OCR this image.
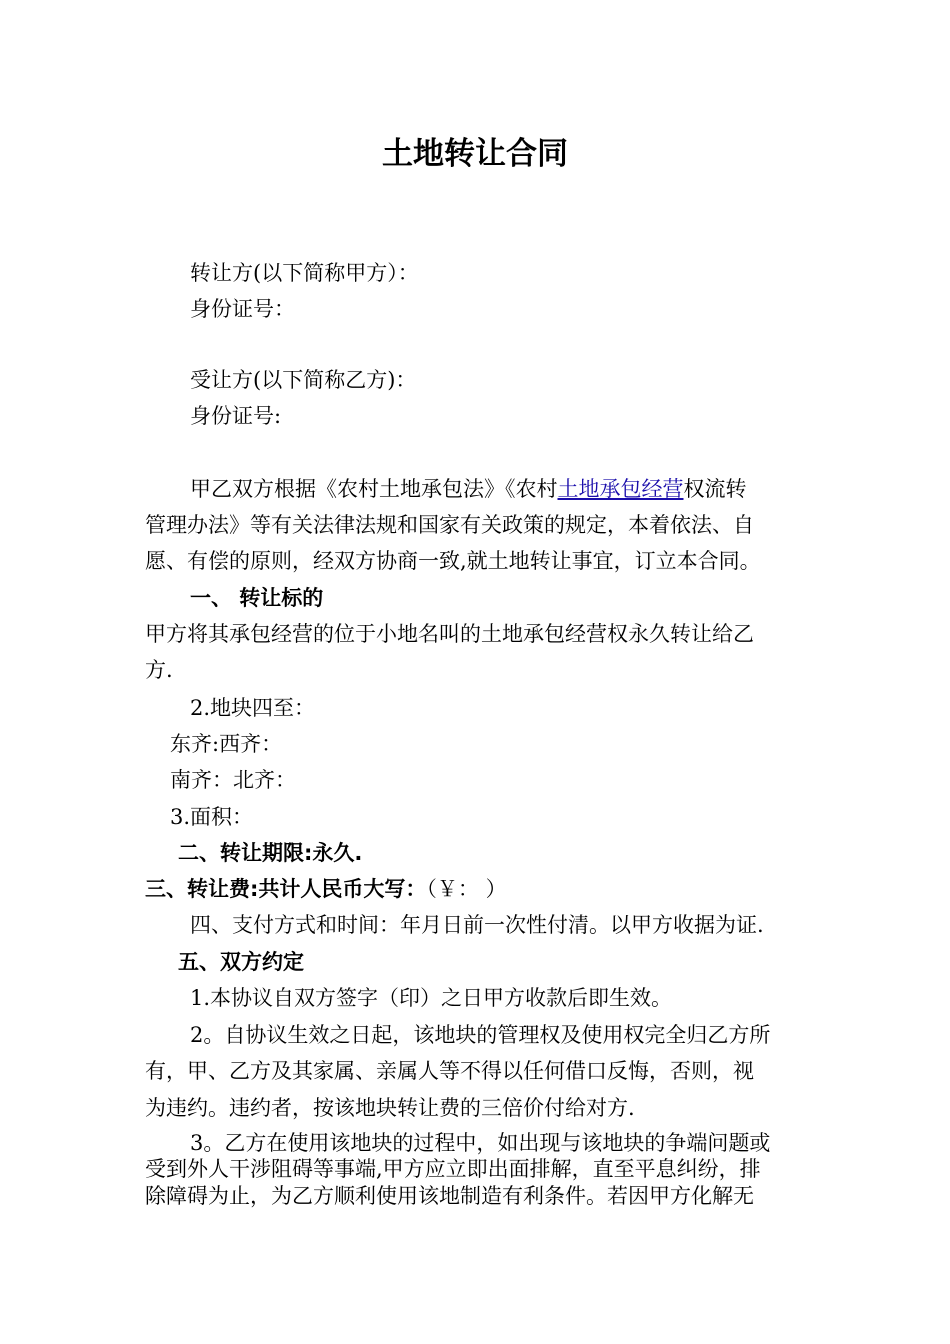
土地转让合同
转让方(以下简称甲方）：
身份证号：
受让方(以下简称乙方)：
身份证号:
甲乙双方根据《农村土地承包法》《农村土地承包经营权流转
管理办法》等有关法律法规和国家有关政策的规定，本着依法、自
愿、有偿的原则，经双方协商一致,就土地转让事宜，订立本合同。
一、 转让标的
甲方将其承包经营的位于小地名叫的土地承包经营权永久转让给乙
方.
2.地块四至：
东齐:西齐：
南齐：北齐：
3.面积：
二、转让期限:永久.
三、转让费:共计人民币大写：（￥： ）
四、支付方式和时间：年月日前一次性付清。以甲方收据为证.
五、双方约定
1.本协议自双方签字（印）之日甲方收款后即生效。
2。自协议生效之日起，该地块的管理权及使用权完全归乙方所
有，甲、乙方及其家属、亲属人等不得以任何借口反悔，否则，视
为违约。违约者，按该地块转让费的三倍价付给对方.
3。乙方在使用该地块的过程中，如出现与该地块的争端问题或
受到外人干涉阻碍等事端,甲方应立即出面排解，直至平息纠纷，排
除障碍为止，为乙方顺利使用该地制造有利条件。若因甲方化解无
